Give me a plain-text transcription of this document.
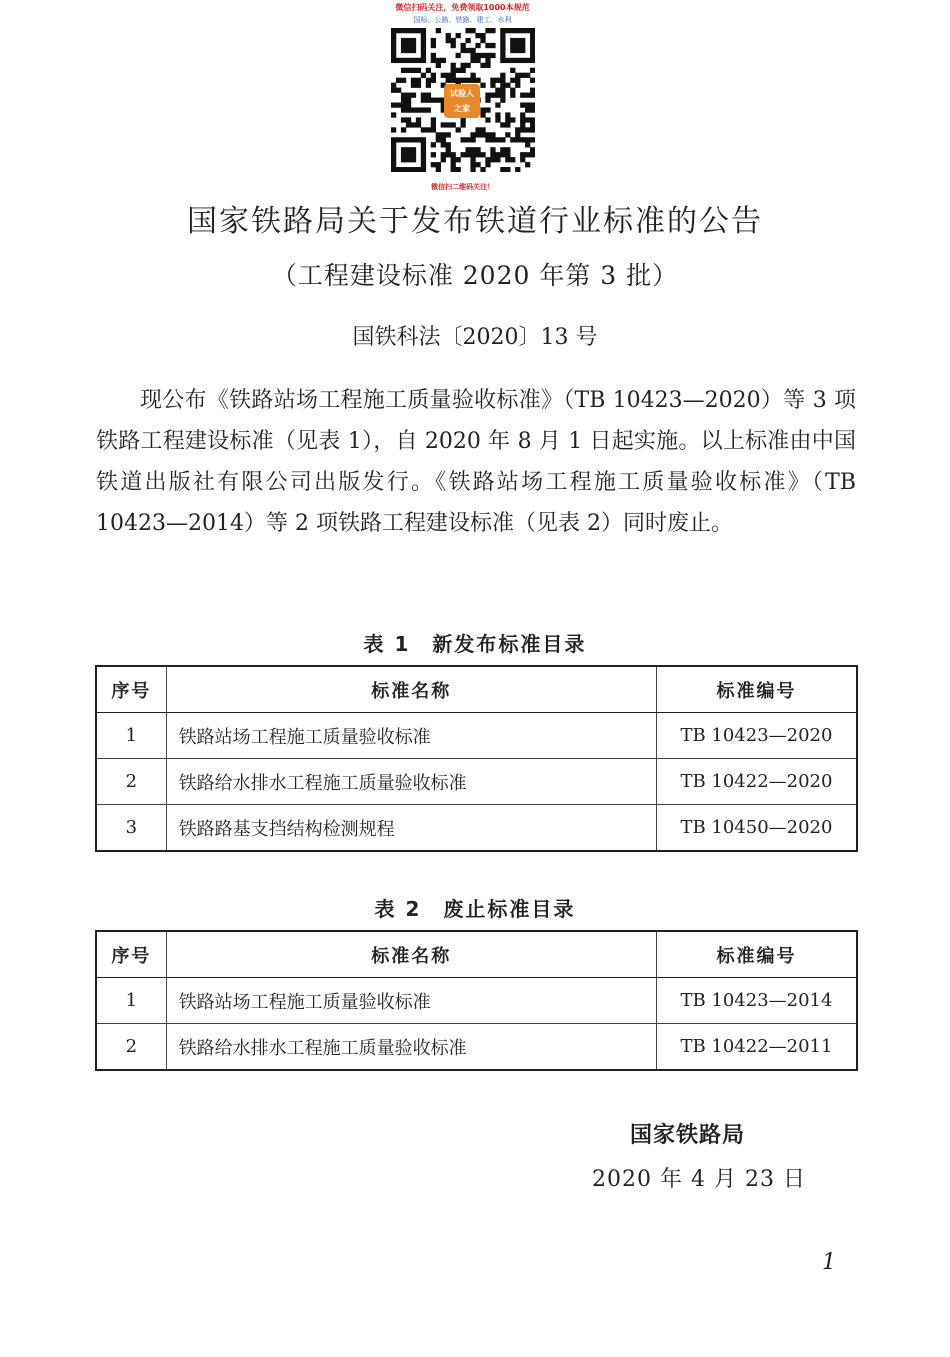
微信扫码关注，免费领取1000本规范
国标、公路、铁路、建工、水利
试验人
之家
微信扫二维码关注！
国家铁路局关于发布铁道行业标准的公告
（工程建设标准 2020 年第 3 批）
国铁科法〔2020〕13 号
现公布《铁路站场工程施工质量验收标准》（TB 10423—2020）等 3 项铁路工程建设标准（见表 1），自 2020 年 8 月 1 日起实施。以上标准由中国铁道出版社有限公司出版发行。《铁路站场工程施工质量验收标准》（TB 10423—2014）等 2 项铁路工程建设标准（见表 2）同时废止。
表 1　新发布标准目录
序号	标准名称	标准编号
1	铁路站场工程施工质量验收标准	TB 10423—2020
2	铁路给水排水工程施工质量验收标准	TB 10422—2020
3	铁路路基支挡结构检测规程	TB 10450—2020
表 2　废止标准目录
序号	标准名称	标准编号
1	铁路站场工程施工质量验收标准	TB 10423—2014
2	铁路给水排水工程施工质量验收标准	TB 10422—2011
国家铁路局
2020 年 4 月 23 日
1
